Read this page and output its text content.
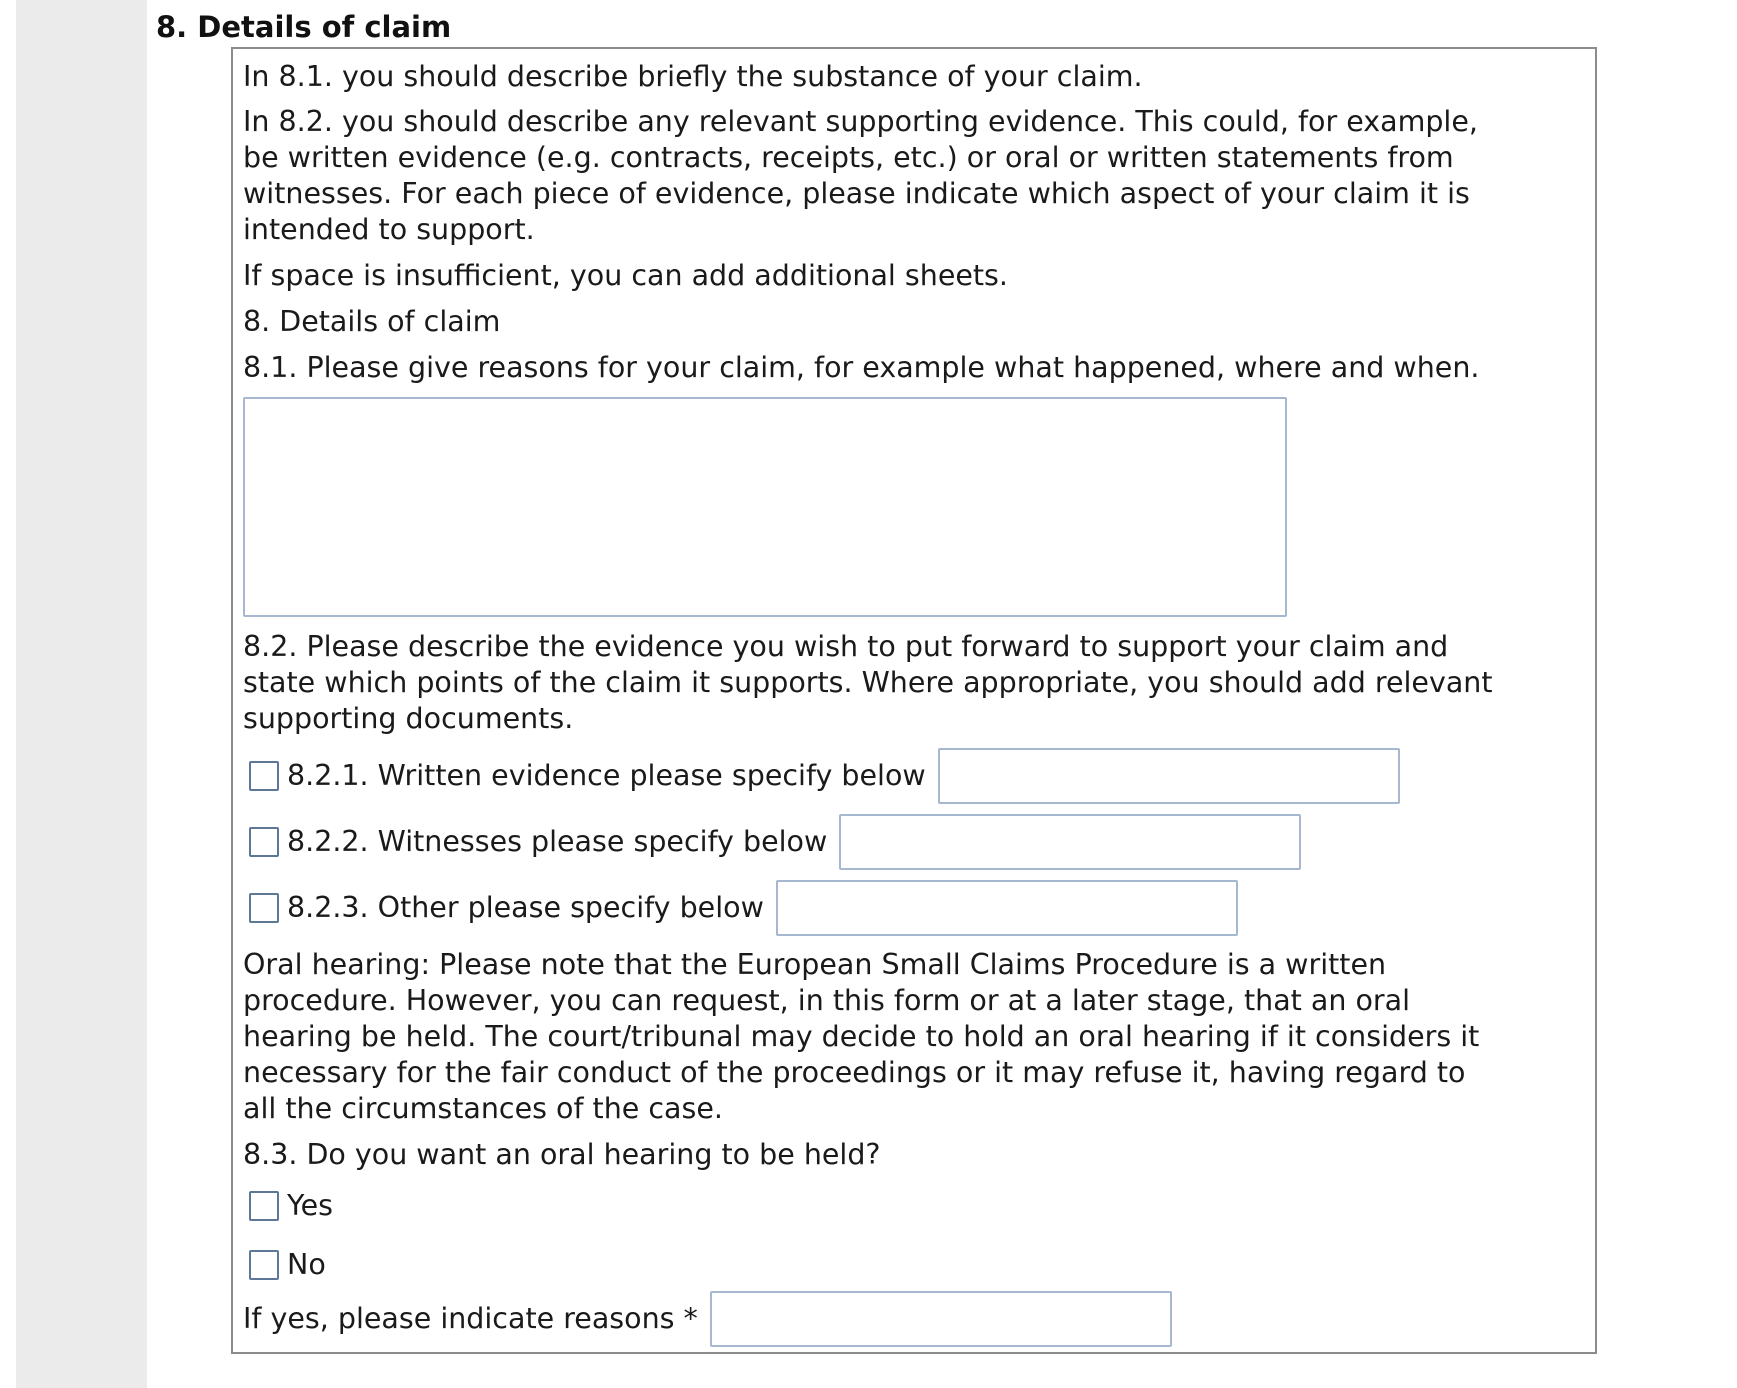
8. Details of claim

In 8.1. you should describe briefly the substance of your claim.

In 8.2. you should describe any relevant supporting evidence. This could, for example,

be written evidence (e.g. contracts, receipts, etc.) or oral or written statements from

witnesses. For each piece of evidence, please indicate which aspect of your claim it is

intended to support.

If space is insufficient, you can add additional sheets.

8. Details of claim

8.1. Please give reasons for your claim, for example what happened, where and when.

8.2. Please describe the evidence you wish to put forward to support your claim and

state which points of the claim it supports. Where appropriate, you should add relevant

supporting documents.

8.2.1. Written evidence please specify below
8.2.2. Witnesses please specify below
8.2.3. Other please specify below

Oral hearing: Please note that the European Small Claims Procedure is a written

procedure. However, you can request, in this form or at a later stage, that an oral

hearing be held. The court/tribunal may decide to hold an oral hearing if it considers it

necessary for the fair conduct of the proceedings or it may refuse it, having regard to

all the circumstances of the case.

8.3. Do you want an oral hearing to be held?

Yes
No
If yes, please indicate reasons *
